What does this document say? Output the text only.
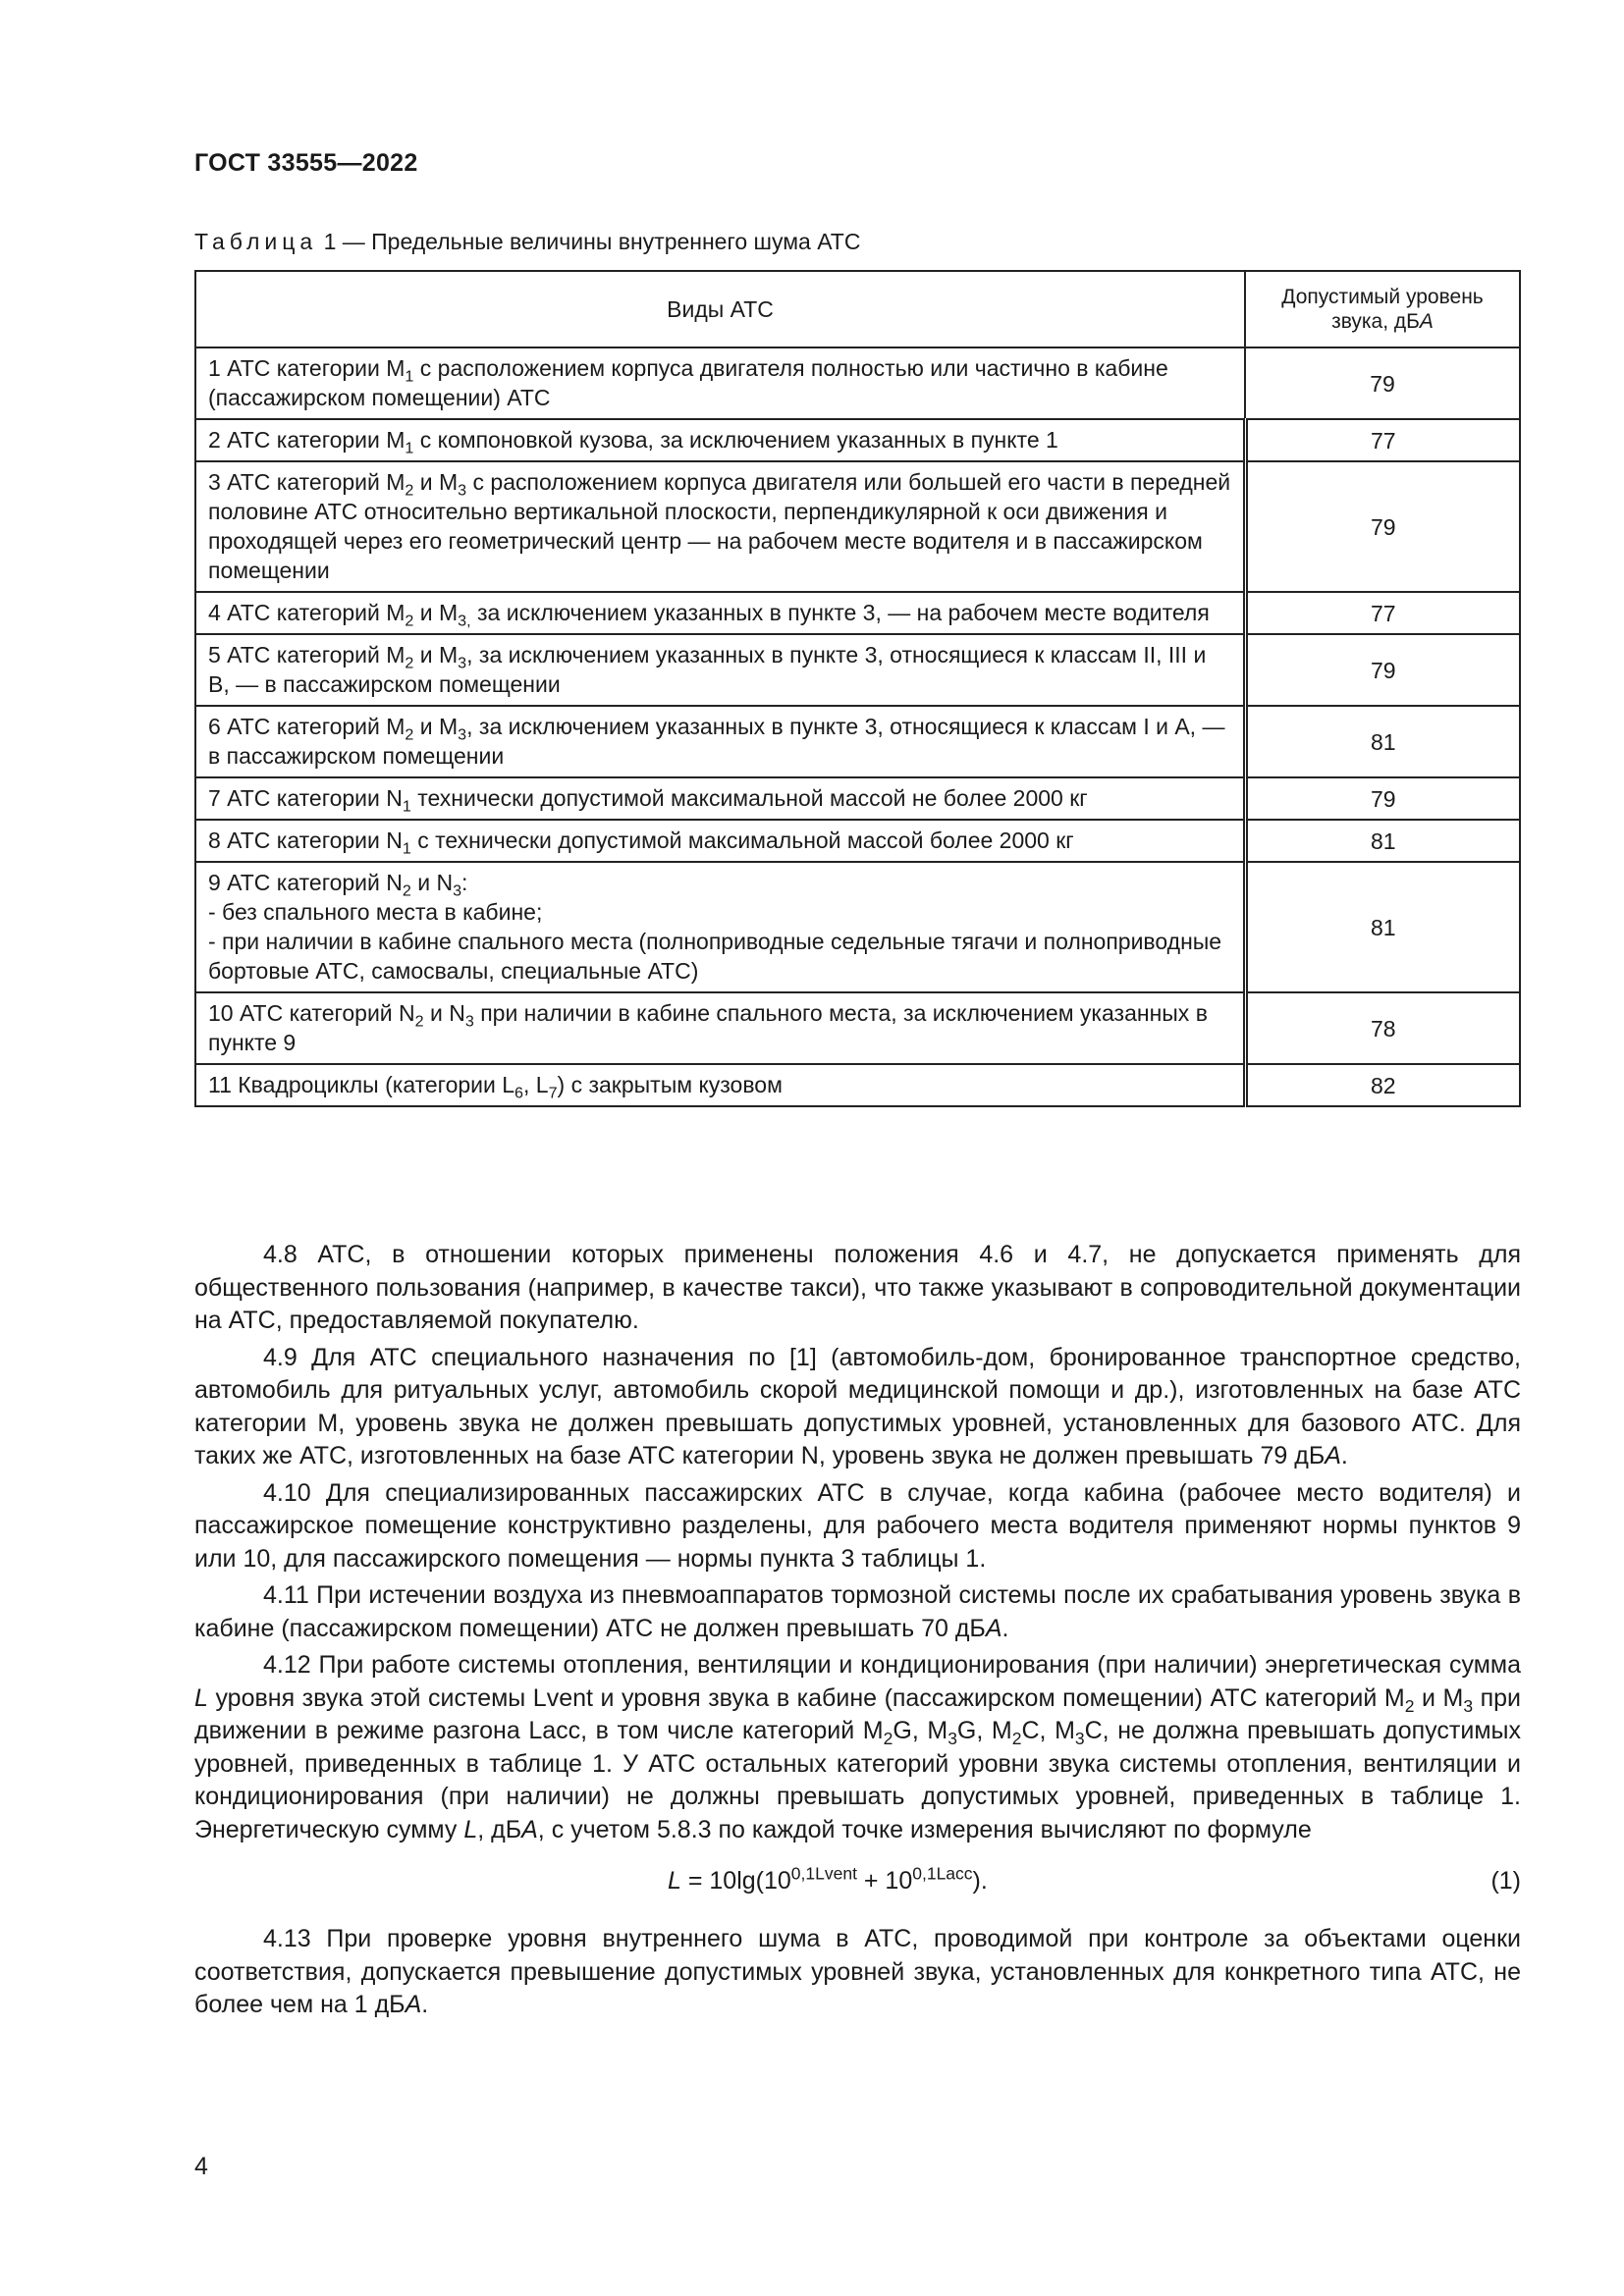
ГОСТ 33555—2022
Таблица 1 — Предельные величины внутреннего шума АТС
Виды АТС	Допустимый уровень
звука, дБА
1 АТС категории $M_1$ с расположением корпуса двигателя полностью или частично в кабине (пассажирском помещении) АТС	79
2 АТС категории $M_1$ с компоновкой кузова, за исключением указанных в пункте 1	77
3 АТС категорий $M_2$ и $M_3$ с расположением корпуса двигателя или большей его части в передней половине АТС относительно вертикальной плоскости, перпендикулярной к оси движения и проходящей через его геометрический центр — на рабочем месте водителя и в пассажирском помещении	79
4 АТС категорий $M_2$ и $M_{3,}$ за исключением указанных в пункте 3, — на рабочем месте водителя	77
5 АТС категорий $M_2$ и $M_3$, за исключением указанных в пункте 3, относящиеся к классам II, III и В, — в пассажирском помещении	79
6 АТС категорий $M_2$ и $M_3$, за исключением указанных в пункте 3, относящиеся к классам I и А, — в пассажирском помещении	81
7 АТС категории $N_1$ технически допустимой максимальной массой не более 2000 кг	79
8 АТС категории $N_1$ с технически допустимой максимальной массой более 2000 кг	81
9 АТС категорий $N_2$ и $N_3$:
- без спального места в кабине;
- при наличии в кабине спального места (полноприводные седельные тягачи и полноприводные бортовые АТС, самосвалы, специальные АТС)	81
10 АТС категорий $N_2$ и $N_3$ при наличии в кабине спального места, за исключением указанных в пункте 9	78
11 Квадроциклы (категории $L_6$, $L_7$) с закрытым кузовом	82

4.8 АТС, в отношении которых применены положения 4.6 и 4.7, не допускается применять для общественного пользования (например, в качестве такси), что также указывают в сопроводительной документации на АТС, предоставляемой покупателю.

4.9 Для АТС специального назначения по [1] (автомобиль-дом, бронированное транспортное средство, автомобиль для ритуальных услуг, автомобиль скорой медицинской помощи и др.), изготовленных на базе АТС категории М, уровень звука не должен превышать допустимых уровней, установленных для базового АТС. Для таких же АТС, изготовленных на базе АТС категории N, уровень звука не должен превышать 79 дБА.

4.10 Для специализированных пассажирских АТС в случае, когда кабина (рабочее место водителя) и пассажирское помещение конструктивно разделены, для рабочего места водителя применяют нормы пунктов 9 или 10, для пассажирского помещения — нормы пункта 3 таблицы 1.

4.11 При истечении воздуха из пневмоаппаратов тормозной системы после их срабатывания уровень звука в кабине (пассажирском помещении) АТС не должен превышать 70 дБА.

4.12 При работе системы отопления, вентиляции и кондиционирования (при наличии) энергетическая сумма L уровня звука этой системы Lvent и уровня звука в кабине (пассажирском помещении) АТС категорий $M_2$ и $M_3$ при движении в режиме разгона Lacc, в том числе категорий $M_2G$, $M_3G$, $M_2C$, $M_3C$, не должна превышать допустимых уровней, приведенных в таблице 1. У АТС остальных категорий уровни звука системы отопления, вентиляции и кондиционирования (при наличии) не должны превышать допустимых уровней, приведенных в таблице 1. Энергетическую сумму L, дБА, с учетом 5.8.3 по каждой точке измерения вычисляют по формуле

$L = 10\lg(10^{0,1Lvent} + 10^{0,1Lacc})$.	(1)

4.13 При проверке уровня внутреннего шума в АТС, проводимой при контроле за объектами оценки соответствия, допускается превышение допустимых уровней звука, установленных для конкретного типа АТС, не более чем на 1 дБА.

4
